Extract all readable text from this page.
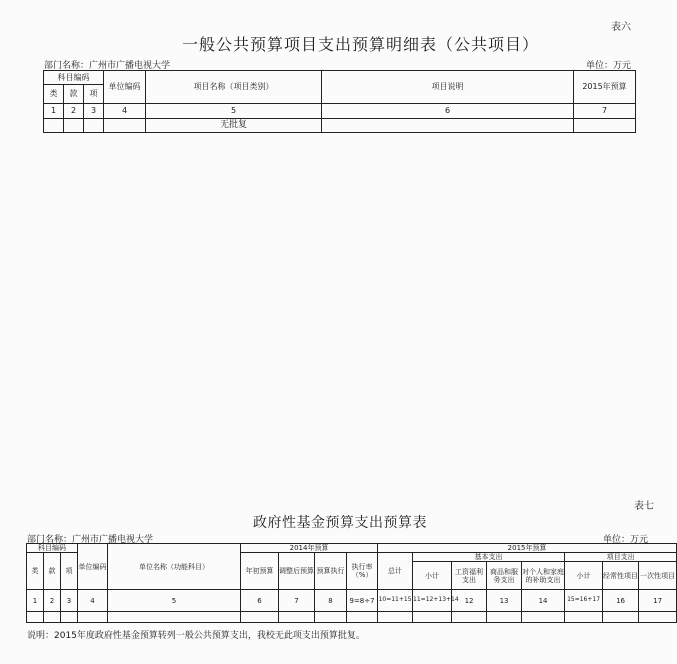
表六
一般公共预算项目支出预算明细表（公共项目）
部门名称：广州市广播电视大学	单位：万元
科目编码			单位编码	项目名称（项目类别）	项目说明	2015年预算
类	款	项				
1	2	3	4	5	6	7
				无批复		
表七
政府性基金预算支出预算表
部门名称：广州市广播电视大学	单位：万元
科目编码			单位编码	单位名称（功能科目）	2014年预算				2015年预算							
类	款	项			年初预算	调整后预算	预算执行	执行率（%）	总计	基本支出				项目支出		
										小计	工资福利支出	商品和服务支出	对个人和家庭的补助支出	小计	经常性项目	一次性项目
1	2	3	4	5	6	7	8	9=8÷7	10=11+15	11=12+13+14	12	13	14	15=16+17	16	17

说明：2015年度政府性基金预算转列一般公共预算支出，我校无此项支出预算批复。
